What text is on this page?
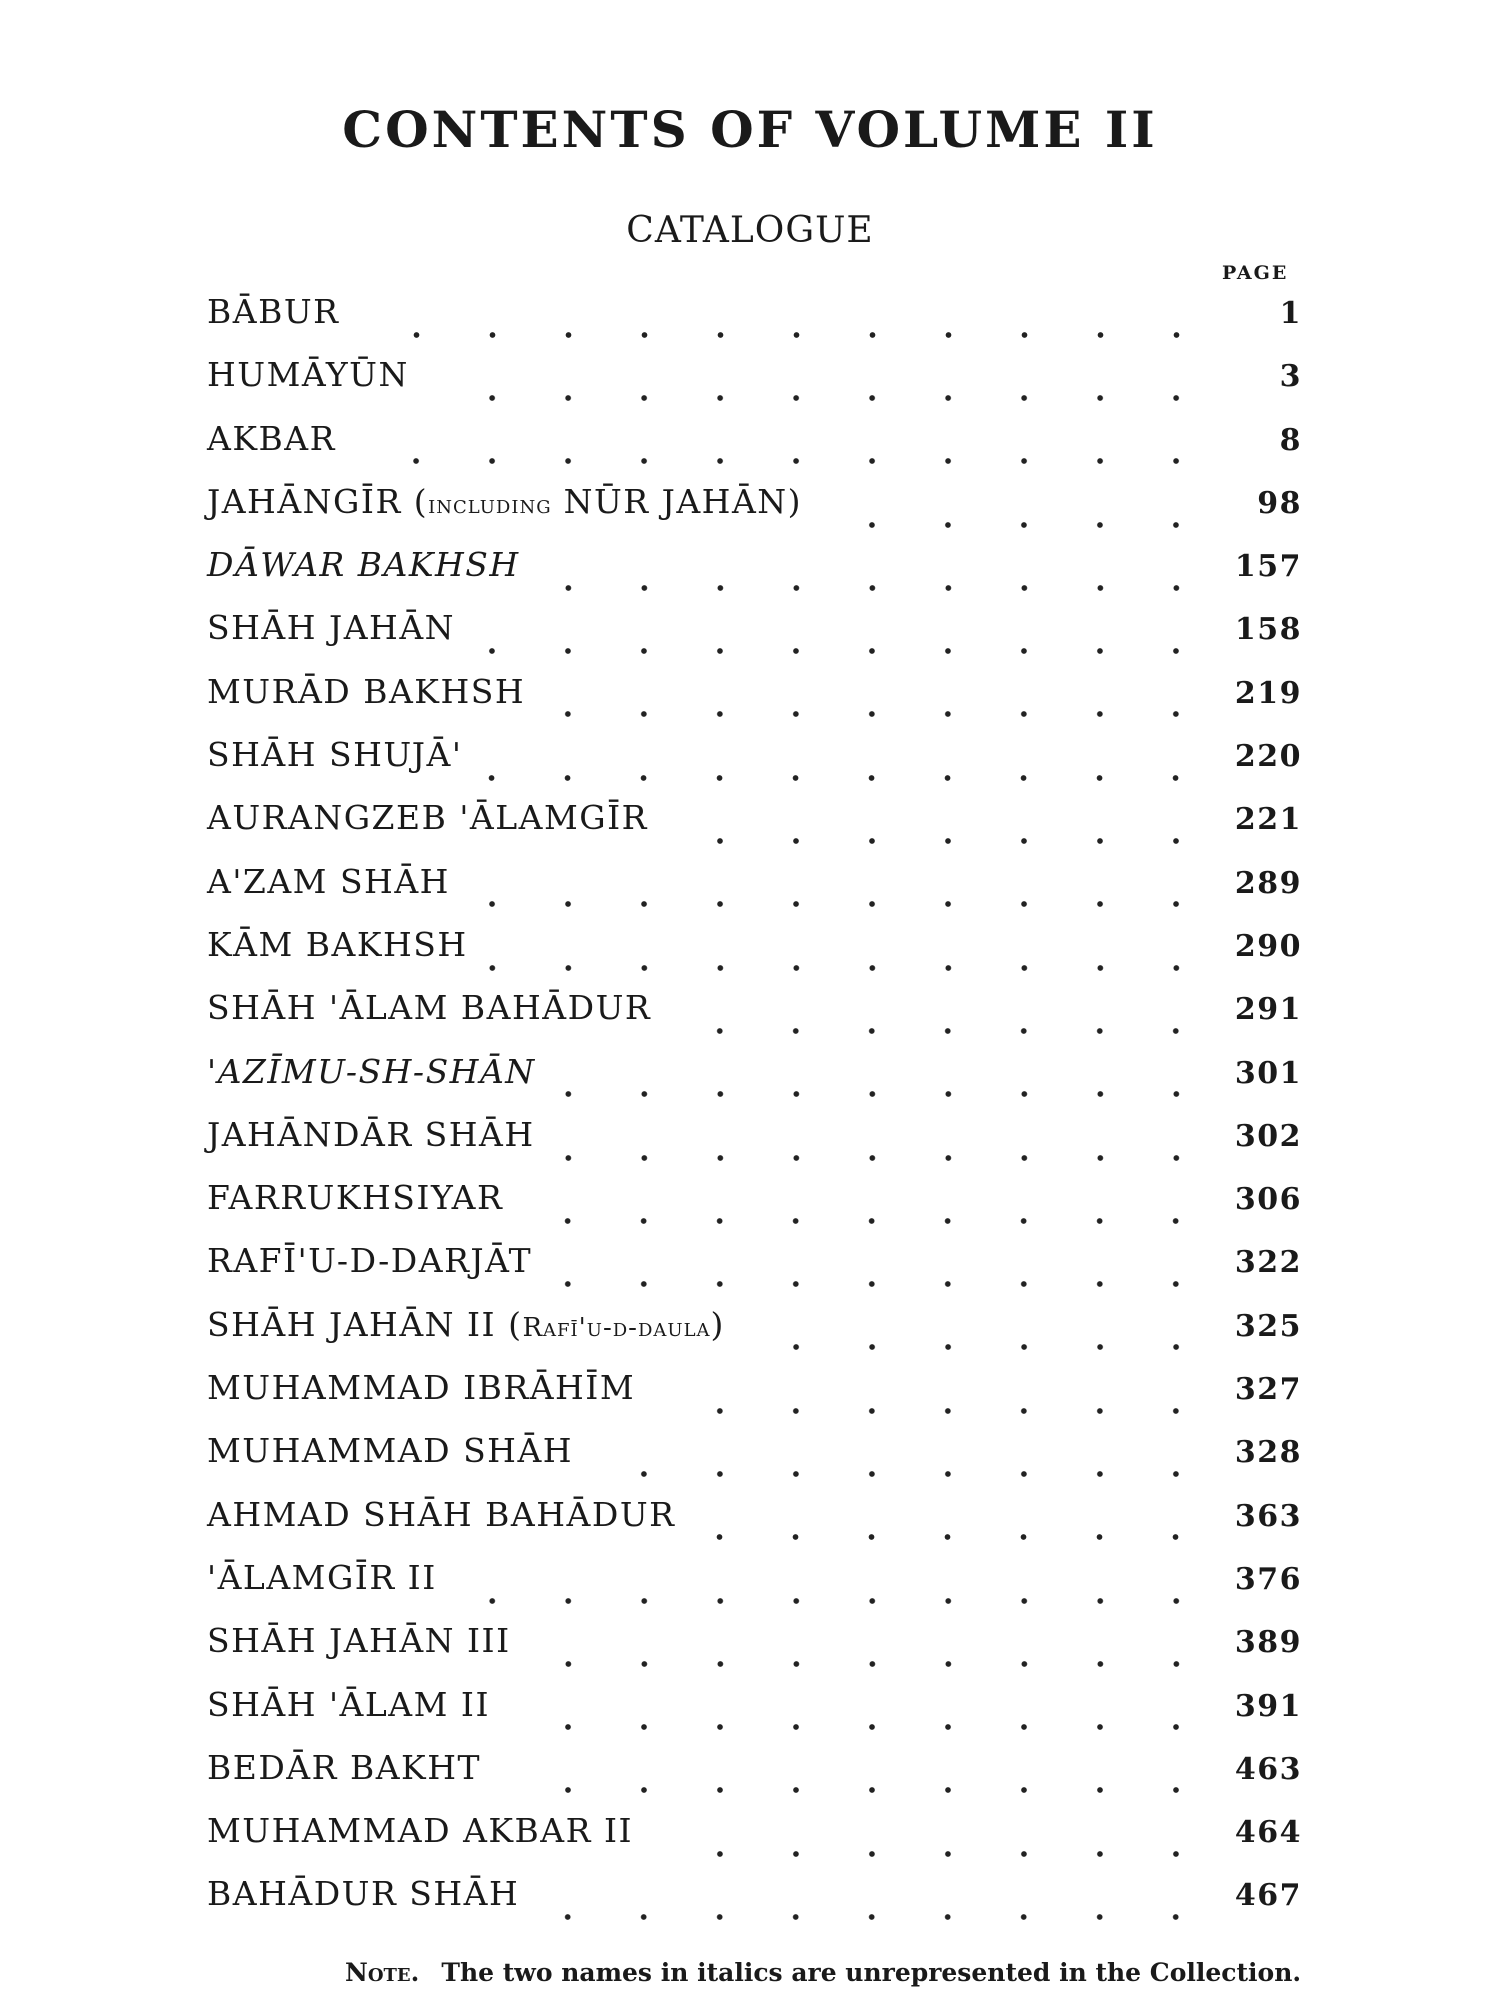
CONTENTS OF VOLUME II
CATALOGUE
PAGE
BĀBUR	1
HUMĀYŪN	3
AKBAR	8
JAHĀNGĪR (including NŪR JAHĀN)	98
DĀWAR BAKHSH	157
SHĀH JAHĀN	158
MURĀD BAKHSH	219
SHĀH SHUJĀ'	220
AURANGZEB 'ĀLAMGĪR	221
A'ZAM SHĀH	289
KĀM BAKHSH	290
SHĀH 'ĀLAM BAHĀDUR	291
'AZĪMU-SH-SHĀN	301
JAHĀNDĀR SHĀH	302
FARRUKHSIYAR	306
RAFĪ'U-D-DARJĀT	322
SHĀH JAHĀN II (Rafī'u-d-daula)	325
MUHAMMAD IBRĀHĪM	327
MUHAMMAD SHĀH	328
AHMAD SHĀH BAHĀDUR	363
'ĀLAMGĪR II	376
SHĀH JAHĀN III	389
SHĀH 'ĀLAM II	391
BEDĀR BAKHT	463
MUHAMMAD AKBAR II	464
BAHĀDUR SHĀH	467
Note. The two names in italics are unrepresented in the Collection.
